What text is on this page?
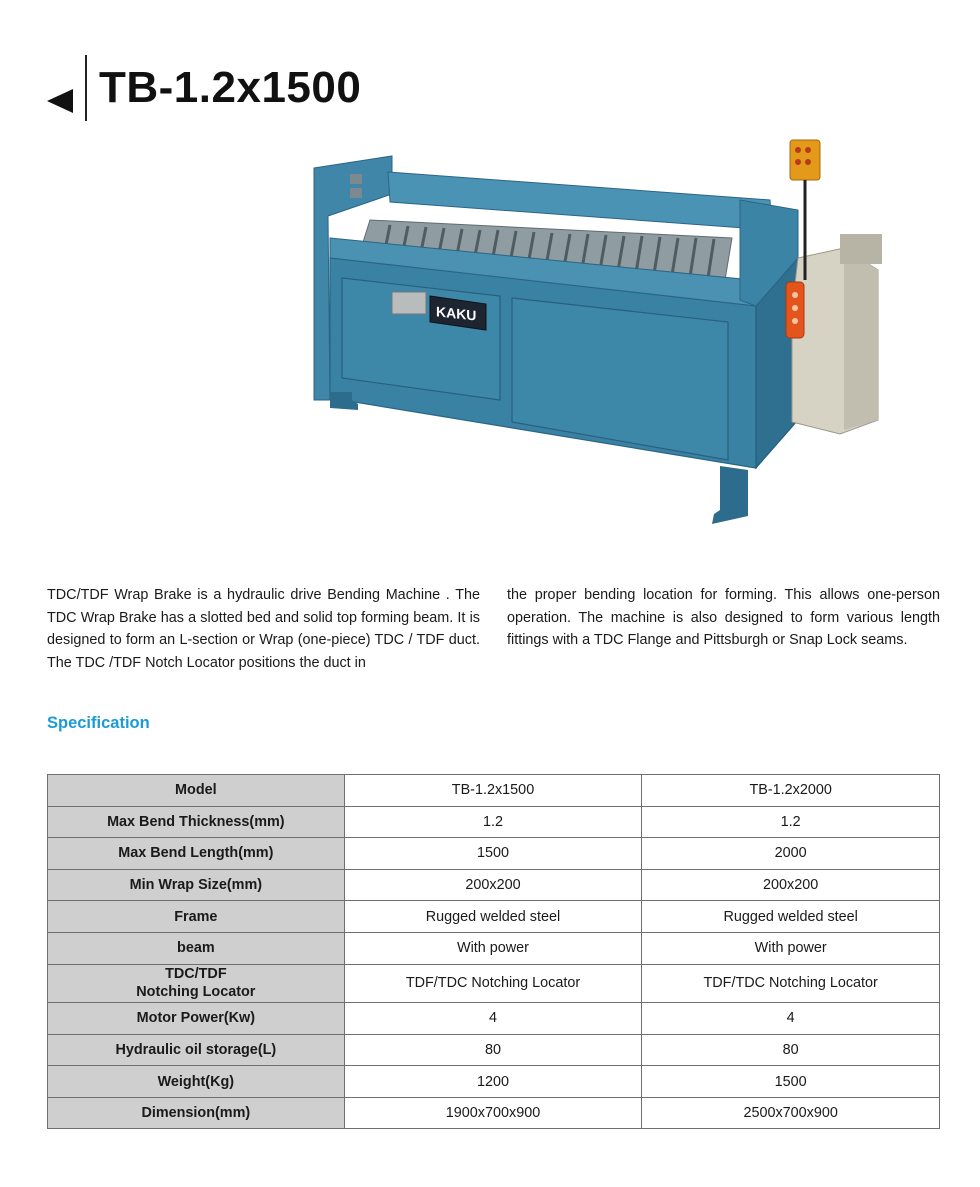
TB-1.2x1500
KAKU

TDC/TDF Wrap Brake is a hydraulic drive Bending Machine . The TDC Wrap Brake has a slotted bed and solid top forming beam. It is designed to form an L-section or Wrap (one-piece) TDC / TDF duct. The TDC /TDF Notch Locator positions the duct in

the proper bending location for forming. This allows one-person operation. The machine is also designed to form various length fittings with a TDC Flange and Pittsburgh or Snap Lock seams.

Specification
Model	TB-1.2x1500	TB-1.2x2000
Max Bend Thickness(mm)	1.2	1.2
Max Bend Length(mm)	1500	2000
Min Wrap Size(mm)	200x200	200x200
Frame	Rugged welded steel	Rugged welded steel
beam	With power	With power
TDC/TDF
Notching Locator	TDF/TDC Notching Locator	TDF/TDC Notching Locator
Motor Power(Kw)	4	4
Hydraulic oil storage(L)	80	80
Weight(Kg)	1200	1500
Dimension(mm)	1900x700x900	2500x700x900
